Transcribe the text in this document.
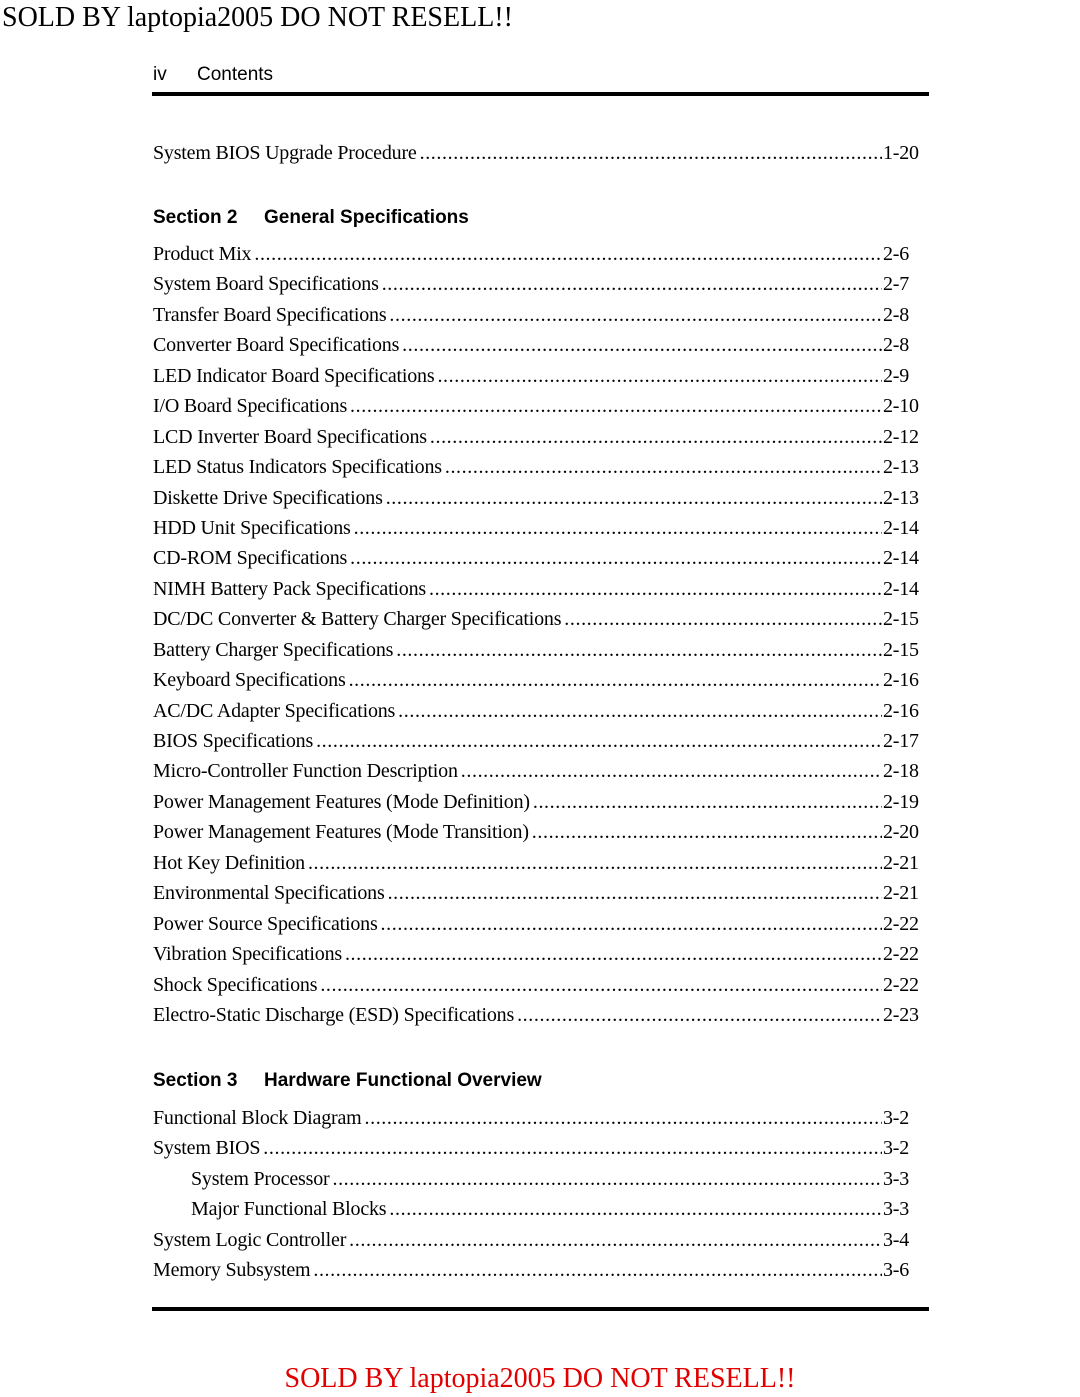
SOLD BY laptopia2005 DO NOT RESELL!!
iv Contents
System BIOS Upgrade Procedure .....	1-20
Section 2 General Specifications
Product Mix .....	2-6
System Board Specifications .....	2-7
Transfer Board Specifications .....	2-8
Converter Board Specifications .....	2-8
LED Indicator Board Specifications .....	2-9
I/O Board Specifications .....	2-10
LCD Inverter Board Specifications .....	2-12
LED Status Indicators Specifications .....	2-13
Diskette Drive Specifications .....	2-13
HDD Unit Specifications .....	2-14
CD-ROM Specifications .....	2-14
NIMH Battery Pack Specifications .....	2-14
DC/DC Converter & Battery Charger Specifications .....	2-15
Battery Charger Specifications .....	2-15
Keyboard Specifications .....	2-16
AC/DC Adapter Specifications .....	2-16
BIOS Specifications .....	2-17
Micro-Controller Function Description .....	2-18
Power Management Features (Mode Definition) .....	2-19
Power Management Features (Mode Transition) .....	2-20
Hot Key Definition .....	2-21
Environmental Specifications .....	2-21
Power Source Specifications .....	2-22
Vibration Specifications .....	2-22
Shock Specifications .....	2-22
Electro-Static Discharge (ESD) Specifications .....	2-23
Section 3 Hardware Functional Overview
Functional Block Diagram .....	3-2
System BIOS .....	3-2
System Processor .....	3-3
Major Functional Blocks .....	3-3
System Logic Controller .....	3-4
Memory Subsystem .....	3-6
SOLD BY laptopia2005 DO NOT RESELL!!
